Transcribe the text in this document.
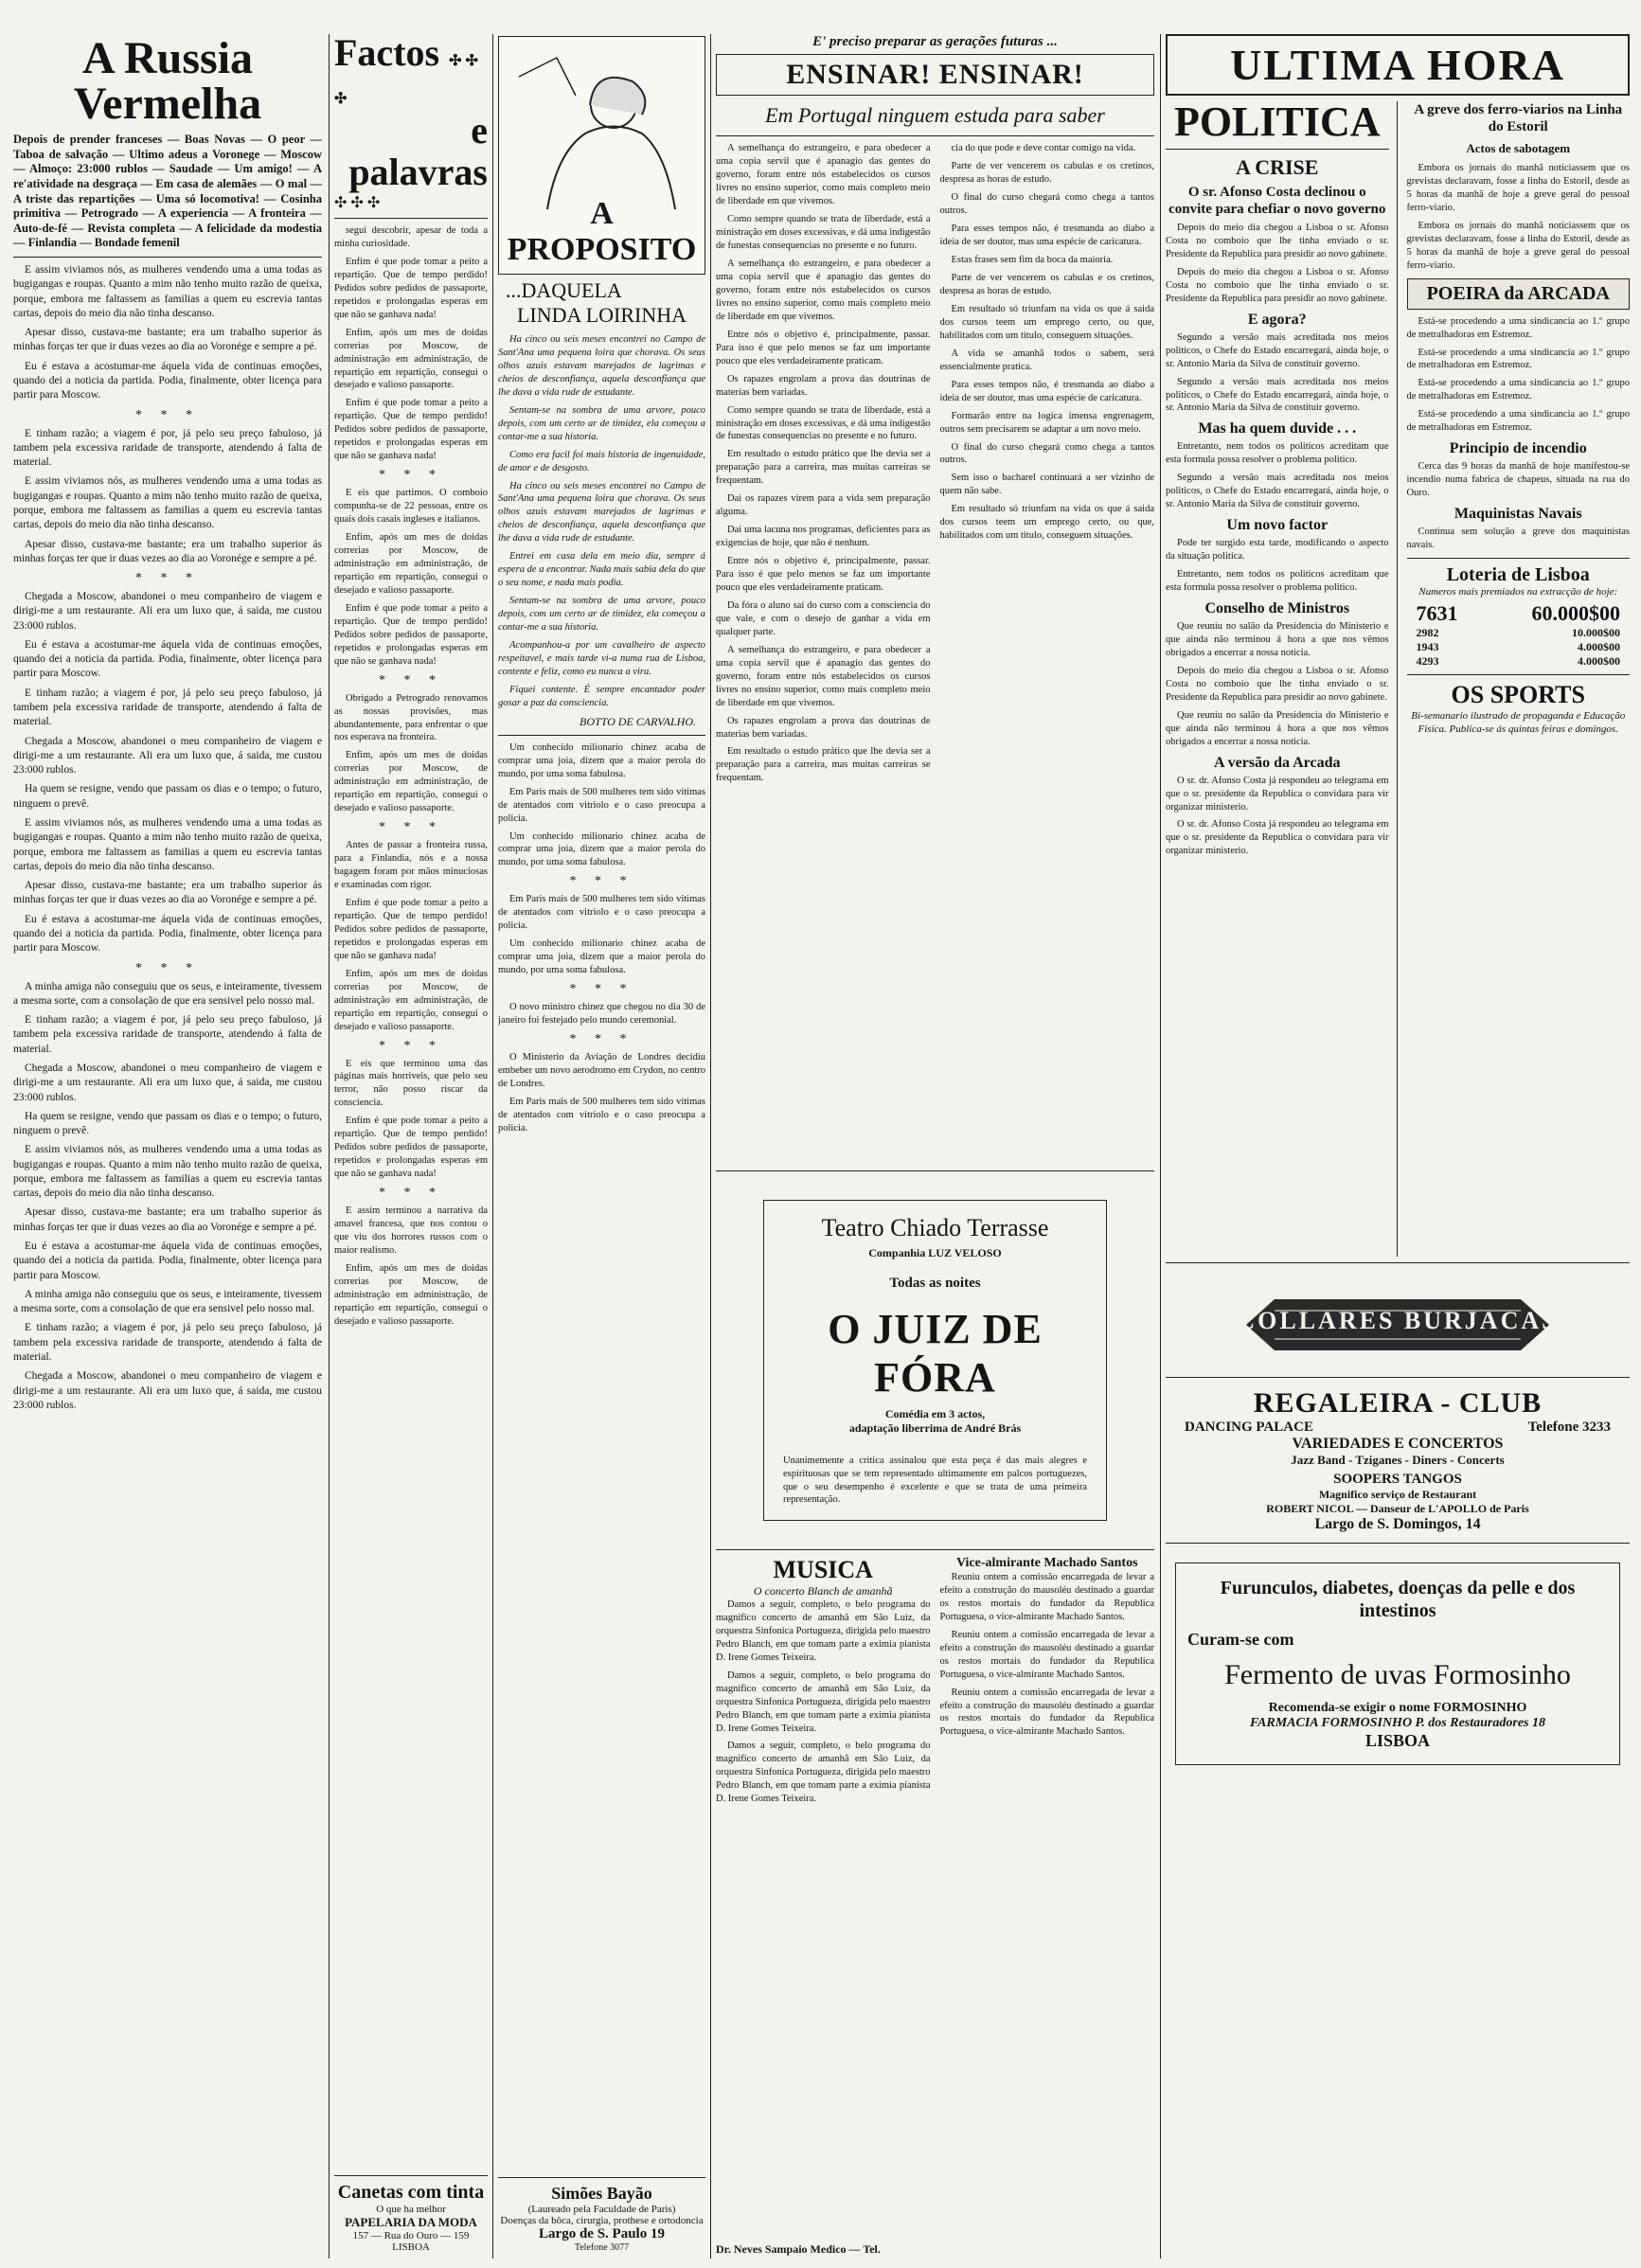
A Russia Vermelha
Depois de prender franceses — Boas Novas — O peor — Taboa de salvação — Ultimo adeus a Voronege — Moscow — Almoço: 23:000 rublos — Saudade — Um amigo! — A re'atividade na desgraça — Em casa de alemães — O mal — A triste das repartições — Uma só locomotiva! — Cosinha primitiva — Petrogrado — A experiencia — A fronteira — Auto-de-fé — Revista completa — A felicidade da modestia — Finlandia — Bondade femenil

E assim viviamos nós, as mulheres vendendo uma a uma todas as bugigangas e roupas. Quanto a mim não tenho muito razão de queixa, porque, embora me faltassem as familias a quem eu escrevia tantas cartas, depois do meio dia não tinha descanso.

Apesar disso, custava-me bastante; era um trabalho superior ás minhas forças ter que ir duas vezes ao dia ao Voronége e sempre a pé.

Eu é estava a acostumar-me áquela vida de continuas emoções, quando dei a noticia da partida. Podia, finalmente, obter licença para partir para Moscow.

* * *

E tinham razão; a viagem é por, já pelo seu preço fabuloso, já tambem pela excessiva raridade de transporte, atendendo á falta de material.

E assim viviamos nós, as mulheres vendendo uma a uma todas as bugigangas e roupas. Quanto a mim não tenho muito razão de queixa, porque, embora me faltassem as familias a quem eu escrevia tantas cartas, depois do meio dia não tinha descanso.

Apesar disso, custava-me bastante; era um trabalho superior ás minhas forças ter que ir duas vezes ao dia ao Voronége e sempre a pé.

* * *

Chegada a Moscow, abandonei o meu companheiro de viagem e dirigi-me a um restaurante. Ali era um luxo que, á saida, me custou 23:000 rublos.

Eu é estava a acostumar-me áquela vida de continuas emoções, quando dei a noticia da partida. Podia, finalmente, obter licença para partir para Moscow.

E tinham razão; a viagem é por, já pelo seu preço fabuloso, já tambem pela excessiva raridade de transporte, atendendo á falta de material.

Chegada a Moscow, abandonei o meu companheiro de viagem e dirigi-me a um restaurante. Ali era um luxo que, á saida, me custou 23:000 rublos.

Ha quem se resigne, vendo que passam os dias e o tempo; o futuro, ninguem o prevê.

E assim viviamos nós, as mulheres vendendo uma a uma todas as bugigangas e roupas. Quanto a mim não tenho muito razão de queixa, porque, embora me faltassem as familias a quem eu escrevia tantas cartas, depois do meio dia não tinha descanso.

Apesar disso, custava-me bastante; era um trabalho superior ás minhas forças ter que ir duas vezes ao dia ao Voronége e sempre a pé.

Eu é estava a acostumar-me áquela vida de continuas emoções, quando dei a noticia da partida. Podia, finalmente, obter licença para partir para Moscow.

* * *

A minha amiga não conseguiu que os seus, e inteiramente, tivessem a mesma sorte, com a consolação de que era sensivel pelo nosso mal.

E tinham razão; a viagem é por, já pelo seu preço fabuloso, já tambem pela excessiva raridade de transporte, atendendo á falta de material.

Chegada a Moscow, abandonei o meu companheiro de viagem e dirigi-me a um restaurante. Ali era um luxo que, á saida, me custou 23:000 rublos.

Ha quem se resigne, vendo que passam os dias e o tempo; o futuro, ninguem o prevê.

E assim viviamos nós, as mulheres vendendo uma a uma todas as bugigangas e roupas. Quanto a mim não tenho muito razão de queixa, porque, embora me faltassem as familias a quem eu escrevia tantas cartas, depois do meio dia não tinha descanso.

Apesar disso, custava-me bastante; era um trabalho superior ás minhas forças ter que ir duas vezes ao dia ao Voronége e sempre a pé.

Eu é estava a acostumar-me áquela vida de continuas emoções, quando dei a noticia da partida. Podia, finalmente, obter licença para partir para Moscow.

A minha amiga não conseguiu que os seus, e inteiramente, tivessem a mesma sorte, com a consolação de que era sensivel pelo nosso mal.

E tinham razão; a viagem é por, já pelo seu preço fabuloso, já tambem pela excessiva raridade de transporte, atendendo á falta de material.

Chegada a Moscow, abandonei o meu companheiro de viagem e dirigi-me a um restaurante. Ali era um luxo que, á saida, me custou 23:000 rublos.

Factos ✣ ✣ ✣
e palavras
✣ ✣ ✣

segui descobrir, apesar de toda a minha curiosidade.

Enfim é que pode tomar a peito a repartição. Que de tempo perdido! Pedidos sobre pedidos de passaporte, repetidos e prolongadas esperas em que não se ganhava nada!

Enfim, após um mes de doidas correrias por Moscow, de administração em administração, de repartição em repartição, consegui o desejado e valioso passaporte.

Enfim é que pode tomar a peito a repartição. Que de tempo perdido! Pedidos sobre pedidos de passaporte, repetidos e prolongadas esperas em que não se ganhava nada!

* * *

E eis que partimos. O comboio compunha-se de 22 pessoas, entre os quais dois casais ingleses e italianos.

Enfim, após um mes de doidas correrias por Moscow, de administração em administração, de repartição em repartição, consegui o desejado e valioso passaporte.

Enfim é que pode tomar a peito a repartição. Que de tempo perdido! Pedidos sobre pedidos de passaporte, repetidos e prolongadas esperas em que não se ganhava nada!

* * *

Obrigado a Petrogrado renovamos as nossas provisões, mas abundantemente, para enfrentar o que nos esperava na fronteira.

Enfim, após um mes de doidas correrias por Moscow, de administração em administração, de repartição em repartição, consegui o desejado e valioso passaporte.

* * *

Antes de passar a fronteira russa, para a Finlandia, nós e a nossa bagagem foram por mãos minuciosas e examinadas com rigor.

Enfim é que pode tomar a peito a repartição. Que de tempo perdido! Pedidos sobre pedidos de passaporte, repetidos e prolongadas esperas em que não se ganhava nada!

Enfim, após um mes de doidas correrias por Moscow, de administração em administração, de repartição em repartição, consegui o desejado e valioso passaporte.

* * *

E eis que terminou uma das páginas mais horriveis, que pelo seu terror, não posso riscar da consciencia.

Enfim é que pode tomar a peito a repartição. Que de tempo perdido! Pedidos sobre pedidos de passaporte, repetidos e prolongadas esperas em que não se ganhava nada!

* * *

E assim terminou a narrativa da amavel francesa, que nos contou o que viu dos horrores russos com o maior realismo.

Enfim, após um mes de doidas correrias por Moscow, de administração em administração, de repartição em repartição, consegui o desejado e valioso passaporte.

Canetas com tinta
O que ha melhor
PAPELARIA DA MODA
157 — Rua do Ouro — 159
LISBOA
A PROPOSITO
...DAQUELA
LINDA LOIRINHA

Ha cinco ou seis meses encontrei no Campo de Sant'Ana uma pequena loira que chorava. Os seus olhos azuis estavam marejados de lagrimas e cheios de desconfiança, aquela desconfiança que lhe dava a vida rude de estudante.

Sentam-se na sombra de uma arvore, pouco depois, com um certo ar de timidez, ela começou a contar-me a sua historia.

Como era facil foi mais historia de ingenuidade, de amor e de desgosto.

Ha cinco ou seis meses encontrei no Campo de Sant'Ana uma pequena loira que chorava. Os seus olhos azuis estavam marejados de lagrimas e cheios de desconfiança, aquela desconfiança que lhe dava a vida rude de estudante.

Entrei em casa dela em meio dia, sempre á espera de a encontrar. Nada mais sabia dela do que o seu nome, e nada mais podia.

Sentam-se na sombra de uma arvore, pouco depois, com um certo ar de timidez, ela começou a contar-me a sua historia.

Acompanhou-a por um cavalheiro de aspecto respeitavel, e mais tarde vi-a numa rua de Lisboa, contente e feliz, como eu nunca a vira.

Fiquei contente. É sempre encantador poder gosar a paz da consciencia.

BOTTO DE CARVALHO.

Um conhecido milionario chinez acaba de comprar uma joia, dizem que a maior perola do mundo, por uma soma fabulosa.

Em Paris mais de 500 mulheres tem sido vitimas de atentados com vitriolo e o caso preocupa a policia.

Um conhecido milionario chinez acaba de comprar uma joia, dizem que a maior perola do mundo, por uma soma fabulosa.

* * *

Em Paris mais de 500 mulheres tem sido vitimas de atentados com vitriolo e o caso preocupa a policia.

Um conhecido milionario chinez acaba de comprar uma joia, dizem que a maior perola do mundo, por uma soma fabulosa.

* * *

O novo ministro chinez que chegou no dia 30 de janeiro foi festejado pelo mundo ceremonial.

* * *

O Ministerio da Aviação de Londres decidiu embeber um novo aerodromo em Crydon, no centro de Londres.

Em Paris mais de 500 mulheres tem sido vitimas de atentados com vitriolo e o caso preocupa a policia.

Simões Bayão
(Laureado pela Faculdade de Paris)
Doenças da bôca, cirurgia, prothese e ortodoncia
Largo de S. Paulo 19
Telefone 3077
E' preciso preparar as gerações futuras ...
ENSINAR! ENSINAR!
Em Portugal ninguem estuda para saber

A semelhança do estrangeiro, e para obedecer a uma copia servil que é apanagio das gentes do governo, foram entre nós estabelecidos os cursos livres no ensino superior, como mais completo meio de liberdade em que vivemos.

Como sempre quando se trata de liberdade, está a ministração em doses excessivas, e dá uma indigestão de funestas consequencias no presente e no futuro.

A semelhança do estrangeiro, e para obedecer a uma copia servil que é apanagio das gentes do governo, foram entre nós estabelecidos os cursos livres no ensino superior, como mais completo meio de liberdade em que vivemos.

Entre nós o objetivo é, principalmente, passar. Para isso é que pelo menos se faz um importante pouco que eles verdadeiramente praticam.

Os rapazes engrolam a prova das doutrinas de materias bem variadas.

Como sempre quando se trata de liberdade, está a ministração em doses excessivas, e dá uma indigestão de funestas consequencias no presente e no futuro.

Em resultado o estudo prático que lhe devia ser a preparação para a carreira, mas muitas carreiras se frequentam.

Dai os rapazes virem para a vida sem preparação alguma.

Dai uma lacuna nos programas, deficientes para as exigencias de hoje, que não é nenhum.

Entre nós o objetivo é, principalmente, passar. Para isso é que pelo menos se faz um importante pouco que eles verdadeiramente praticam.

Da fóra o aluno saí do curso com a consciencia do que vale, e com o desejo de ganhar a vida em qualquer parte.

A semelhança do estrangeiro, e para obedecer a uma copia servil que é apanagio das gentes do governo, foram entre nós estabelecidos os cursos livres no ensino superior, como mais completo meio de liberdade em que vivemos.

Os rapazes engrolam a prova das doutrinas de materias bem variadas.

Em resultado o estudo prático que lhe devia ser a preparação para a carreira, mas muitas carreiras se frequentam.

cia do que pode e deve contar comigo na vida.

Parte de ver vencerem os cabulas e os cretinos, despresa as horas de estudo.

O final do curso chegará como chega a tantos outros.

Para esses tempos não, é tresmanda ao diabo a ideia de ser doutor, mas uma espécie de caricatura.

Estas frases sem fim da boca da maioria.

Parte de ver vencerem os cabulas e os cretinos, despresa as horas de estudo.

Em resultado só triunfam na vida os que á saida dos cursos teem um emprego certo, ou que, habilitados com um titulo, conseguem situações.

A vida se amanhã todos o sabem, será essencialmente pratica.

Para esses tempos não, é tresmanda ao diabo a ideia de ser doutor, mas uma espécie de caricatura.

Formarão entre na logica imensa engrenagem, outros sem precisarem se adaptar a um novo meio.

O final do curso chegará como chega a tantos outros.

Sem isso o bacharel continuará a ser vizinho de quem não sabe.

Em resultado só triunfam na vida os que á saida dos cursos teem um emprego certo, ou que, habilitados com um titulo, conseguem situações.

Teatro Chiado Terrasse
Companhia LUZ VELOSO
Todas as noites
O JUIZ DE FÓRA
Comédia em 3 actos,
adaptação liberrima de André Brás
Unanimemente a critica assinalou que esta peça é das mais alegres e espirituosas que se tem representado ultimamente em palcos portuguezes, que o seu desempenho é excelente e que se trata de uma primeira representação.
MUSICA
O concerto Blanch de amanhã

Damos a seguir, completo, o belo programa do magnifico concerto de amanhã em São Luiz, da orquestra Sinfonica Portugueza, dirigida pelo maestro Pedro Blanch, em que tomam parte a eximia pianista D. Irene Gomes Teixeira.

Damos a seguir, completo, o belo programa do magnifico concerto de amanhã em São Luiz, da orquestra Sinfonica Portugueza, dirigida pelo maestro Pedro Blanch, em que tomam parte a eximia pianista D. Irene Gomes Teixeira.

Damos a seguir, completo, o belo programa do magnifico concerto de amanhã em São Luiz, da orquestra Sinfonica Portugueza, dirigida pelo maestro Pedro Blanch, em que tomam parte a eximia pianista D. Irene Gomes Teixeira.

Vice-almirante Machado Santos

Reuniu ontem a comissão encarregada de levar a efeito a construção do mausoléu destinado a guardar os restos mortais do fundador da Republica Portuguesa, o vice-almirante Machado Santos.

Reuniu ontem a comissão encarregada de levar a efeito a construção do mausoléu destinado a guardar os restos mortais do fundador da Republica Portuguesa, o vice-almirante Machado Santos.

Reuniu ontem a comissão encarregada de levar a efeito a construção do mausoléu destinado a guardar os restos mortais do fundador da Republica Portuguesa, o vice-almirante Machado Santos.

Dr. Neves Sampaio Medico — Tel.
ULTIMA HORA
POLITICA
A CRISE
O sr. Afonso Costa declinou o convite para chefiar o novo governo

Depois do meio dia chegou a Lisboa o sr. Afonso Costa no comboio que lhe tinha enviado o sr. Presidente da Republica para presidir ao novo gabinete.

Depois do meio dia chegou a Lisboa o sr. Afonso Costa no comboio que lhe tinha enviado o sr. Presidente da Republica para presidir ao novo gabinete.

E agora?

Segundo a versão mais acreditada nos meios politicos, o Chefe do Estado encarregará, ainda hoje, o sr. Antonio Maria da Silva de constituir governo.

Segundo a versão mais acreditada nos meios politicos, o Chefe do Estado encarregará, ainda hoje, o sr. Antonio Maria da Silva de constituir governo.

Mas ha quem duvide . . .

Entretanto, nem todos os politicos acreditam que esta formula possa resolver o problema politico.

Segundo a versão mais acreditada nos meios politicos, o Chefe do Estado encarregará, ainda hoje, o sr. Antonio Maria da Silva de constituir governo.

Um novo factor

Pode ter surgido esta tarde, modificando o aspecto da situação politica.

Entretanto, nem todos os politicos acreditam que esta formula possa resolver o problema politico.

Conselho de Ministros

Que reuniu no salão da Presidencia do Ministerio e que ainda não terminou á hora a que nos vêmos obrigados a encerrar a nossa noticia.

Depois do meio dia chegou a Lisboa o sr. Afonso Costa no comboio que lhe tinha enviado o sr. Presidente da Republica para presidir ao novo gabinete.

Que reuniu no salão da Presidencia do Ministerio e que ainda não terminou á hora a que nos vêmos obrigados a encerrar a nossa noticia.

A versão da Arcada

O sr. dr. Afonso Costa já respondeu ao telegrama em que o sr. presidente da Republica o convidara para vir organizar ministerio.

O sr. dr. Afonso Costa já respondeu ao telegrama em que o sr. presidente da Republica o convidara para vir organizar ministerio.

A greve dos ferro-viarios na Linha do Estoril
Actos de sabotagem

Embora os jornais do manhã noticiassem que os grevistas declaravam, fosse a linha do Estoril, desde as 5 horas da manhã de hoje a greve geral do pessoal ferro-viario.

Embora os jornais do manhã noticiassem que os grevistas declaravam, fosse a linha do Estoril, desde as 5 horas da manhã de hoje a greve geral do pessoal ferro-viario.

POEIRA da ARCADA

Está-se procedendo a uma sindicancia ao 1.º grupo de metralhadoras em Estremoz.

Está-se procedendo a uma sindicancia ao 1.º grupo de metralhadoras em Estremoz.

Está-se procedendo a uma sindicancia ao 1.º grupo de metralhadoras em Estremoz.

Está-se procedendo a uma sindicancia ao 1.º grupo de metralhadoras em Estremoz.

Principio de incendio

Cerca das 9 horas da manhã de hoje manifestou-se incendio numa fabrica de chapeus, situada na rua do Ouro.

Maquinistas Navais

Continua sem solução a greve dos maquinistas navais.

Loteria de Lisboa
Numeros mais premiados na extracção de hoje:
7631	60.000$00
2982	10.000$00
1943	4.000$00
4293	4.000$00
OS SPORTS
Bi-semanario ilustrado de propaganda e Educação Fisica. Publica-se ás quintas feiras e domingos.
COLLARES BURJACAS
REGALEIRA - CLUB
DANCING PALACE	Telefone 3233
VARIEDADES E CONCERTOS
Jazz Band - Tziganes - Diners - Concerts
SOOPERS TANGOS
Magnifico serviço de Restaurant
ROBERT NICOL — Danseur de L'APOLLO de Paris
Largo de S. Domingos, 14
Furunculos, diabetes, doenças da pelle e dos intestinos
Curam-se com
Fermento de uvas Formosinho
Recomenda-se exigir o nome FORMOSINHO
FARMACIA FORMOSINHO P. dos Restauradores 18
LISBOA
